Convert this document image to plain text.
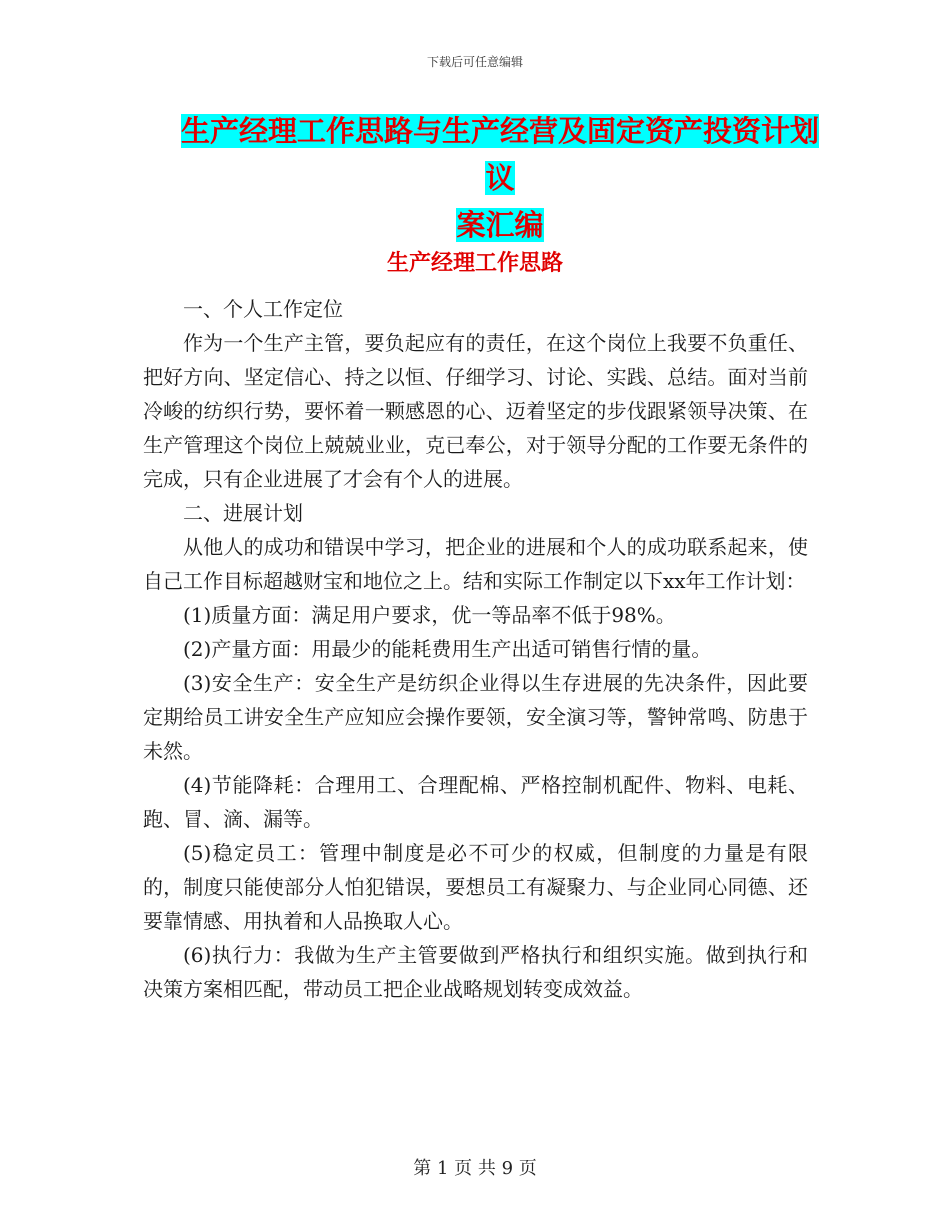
下载后可任意编辑
生产经理工作思路与生产经营及固定资产投资计划议
案汇编
生产经理工作思路

一、个人工作定位

作为一个生产主管，要负起应有的责任，在这个岗位上我要不负重任、把好方向、坚定信心、持之以恒、仔细学习、讨论、实践、总结。面对当前冷峻的纺织行势，要怀着一颗感恩的心、迈着坚定的步伐跟紧领导决策、在生产管理这个岗位上兢兢业业，克已奉公，对于领导分配的工作要无条件的完成，只有企业进展了才会有个人的进展。

二、进展计划

从他人的成功和错误中学习，把企业的进展和个人的成功联系起来，使自己工作目标超越财宝和地位之上。结和实际工作制定以下xx年工作计划：

(1)质量方面：满足用户要求，优一等品率不低于98%。

(2)产量方面：用最少的能耗费用生产出适可销售行情的量。

(3)安全生产：安全生产是纺织企业得以生存进展的先决条件，因此要定期给员工讲安全生产应知应会操作要领，安全演习等，警钟常鸣、防患于未然。

(4)节能降耗：合理用工、合理配棉、严格控制机配件、物料、电耗、跑、冒、滴、漏等。

(5)稳定员工：管理中制度是必不可少的权威，但制度的力量是有限的，制度只能使部分人怕犯错误，要想员工有凝聚力、与企业同心同德、还要靠情感、用执着和人品换取人心。

(6)执行力：我做为生产主管要做到严格执行和组织实施。做到执行和决策方案相匹配，带动员工把企业战略规划转变成效益。

第 1 页 共 9 页
